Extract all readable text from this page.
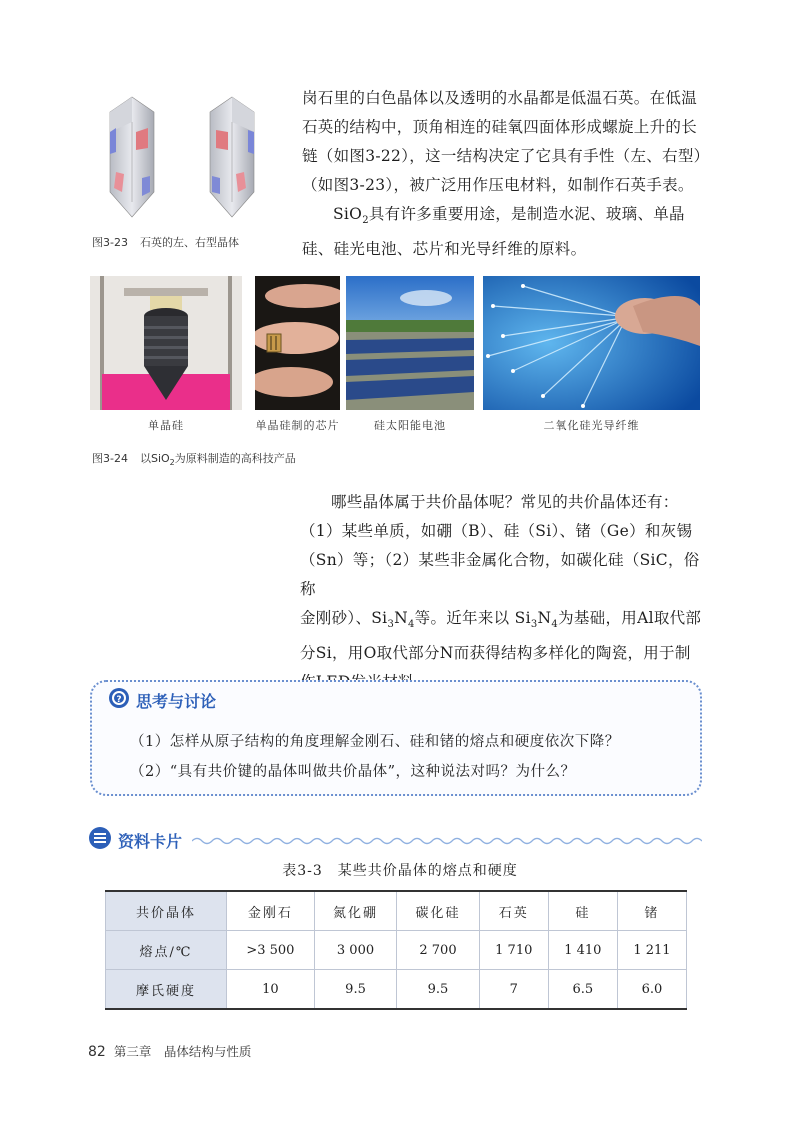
图3-23 石英的左、右型晶体

岗石里的白色晶体以及透明的水晶都是低温石英。在低温石英的结构中，顶角相连的硅氧四面体形成螺旋上升的长链（如图3-22），这一结构决定了它具有手性（左、右型）（如图3-23），被广泛用作压电材料，如制作石英手表。

SiO$_2$具有许多重要用途，是制造水泥、玻璃、单晶硅、硅光电池、芯片和光导纤维的原料。

单晶硅	单晶硅制的芯片	硅太阳能电池	二氧化硅光导纤维
图3-24 以SiO$_2$为原料制造的高科技产品

哪些晶体属于共价晶体呢？常见的共价晶体还有：

（1）某些单质，如硼（B）、硅（Si）、锗（Ge）和灰锡

（Sn）等；（2）某些非金属化合物，如碳化硅（SiC，俗称

金刚砂）、$Si_3N_4$等。近年来以 $Si_3N_4$为基础，用Al取代部

分Si，用O取代部分N而获得结构多样化的陶瓷，用于制

? 思考与讨论
（1）怎样从原子结构的角度理解金刚石、硅和锗的熔点和硬度依次下降？
（2）“具有共价键的晶体叫做共价晶体”，这种说法对吗？为什么？
资料卡片
表3-3　某些共价晶体的熔点和硬度
共价晶体	金刚石	氮化硼	碳化硅	石英	硅	锗
熔点/℃	>3 500	3 000	2 700	1 710	1 410	1 211
摩氏硬度	10	9.5	9.5	7	6.5	6.0
82 第三章　晶体结构与性质
